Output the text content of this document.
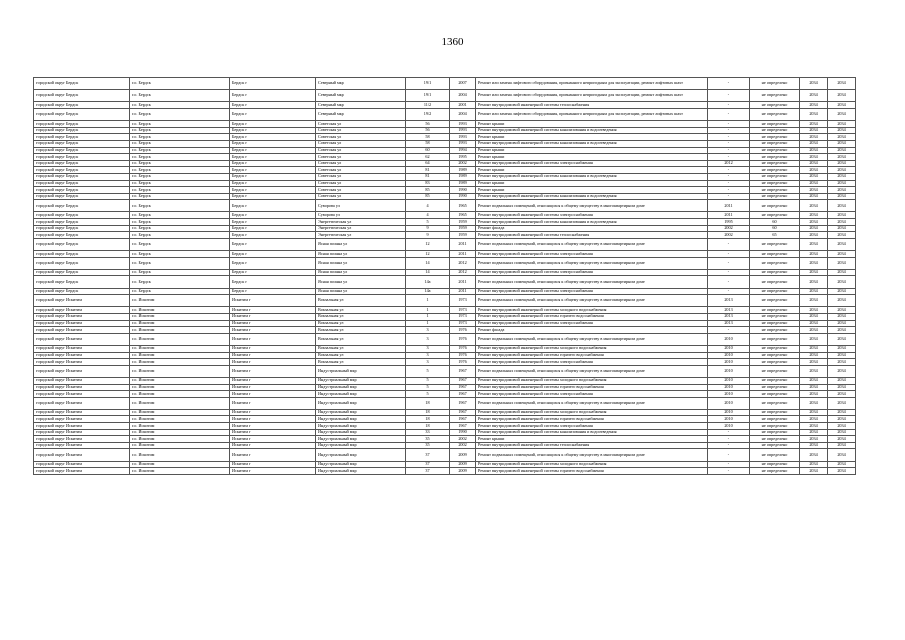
1360
городской округ Бердск	г.о. Бердск	Бердск г	Северный мкр	19/1	2007	Ремонт или замена лифтового оборудования, признанного непригодным для эксплуатации, ремонт лифтовых шахт	-	не определено	2034	2034
городской округ Бердск	г.о. Бердск	Бердск г	Северный мкр	19/1	2004	Ремонт или замена лифтового оборудования, признанного непригодным для эксплуатации, ремонт лифтовых шахт	-	не определено	2034	2034
городской округ Бердск	г.о. Бердск	Бердск г	Северный мкр	11/2	2001	Ремонт внутридомовой инженерной системы теплоснабжения	-	не определено	2034	2034
городской округ Бердск	г.о. Бердск	Бердск г	Северный мкр	19/2	2004	Ремонт или замена лифтового оборудования, признанного непригодным для эксплуатации, ремонт лифтовых шахт	-	не определено	2034	2034
городской округ Бердск	г.о. Бердск	Бердск г	Советская ул	56	1993	Ремонт крыши	-	не определено	2034	2034
городской округ Бердск	г.о. Бердск	Бердск г	Советская ул	56	1993	Ремонт внутридомовой инженерной системы канализования и водоотведения	-	не определено	2034	2034
городской округ Бердск	г.о. Бердск	Бердск г	Советская ул	58	1993	Ремонт крыши	-	не определено	2034	2034
городской округ Бердск	г.о. Бердск	Бердск г	Советская ул	58	1993	Ремонт внутридомовой инженерной системы канализования и водоотведения	-	не определено	2034	2034
городской округ Бердск	г.о. Бердск	Бердск г	Советская ул	60	1994	Ремонт крыши	-	не определено	2034	2034
городской округ Бердск	г.о. Бердск	Бердск г	Советская ул	62	1995	Ремонт крыши	-	не определено	2034	2034
городской округ Бердск	г.о. Бердск	Бердск г	Советская ул	64	2002	Ремонт внутридомовой инженерной системы электроснабжения	2012	не определено	2034	2034
городской округ Бердск	г.о. Бердск	Бердск г	Советская ул	81	1989	Ремонт крыши	-	не определено	2034	2034
городской округ Бердск	г.о. Бердск	Бердск г	Советская ул	81	1989	Ремонт внутридомовой инженерной системы канализования и водоотведения	-	не определено	2034	2034
городской округ Бердск	г.о. Бердск	Бердск г	Советская ул	83	1989	Ремонт крыши	-	не определено	2034	2034
городской округ Бердск	г.о. Бердск	Бердск г	Советская ул	85	1990	Ремонт крыши	-	не определено	2034	2034
городской округ Бердск	г.о. Бердск	Бердск г	Советская ул	85	1990	Ремонт внутридомовой инженерной системы канализования и водоотведения	-	не определено	2034	2034
городской округ Бердск	г.о. Бердск	Бердск г	Суворова ул	4	1965	Ремонт подвальных помещений, относящихся к общему имуществу в многоквартирном доме	2011	не определено	2034	2034
городской округ Бердск	г.о. Бердск	Бердск г	Суворова ул	4	1965	Ремонт внутридомовой инженерной системы электроснабжения	2011	не определено	2034	2034
городской округ Бердск	г.о. Бердск	Бердск г	Энергетическая ул	5	1959	Ремонт внутридомовой инженерной системы канализования и водоотведения	1995	60	2034	2034
городской округ Бердск	г.о. Бердск	Бердск г	Энергетическая ул	9	1959	Ремонт фасада	2002	60	2034	2034
городской округ Бердск	г.о. Бердск	Бердск г	Энергетическая ул	9	1959	Ремонт внутридомовой инженерной системы теплоснабжения	2002	65	2034	2034
городской округ Бердск	г.о. Бердск	Бердск г	Ясная поляна ул	12	2011	Ремонт подвальных помещений, относящихся к общему имуществу в многоквартирном доме	-	не определено	2034	2034
городской округ Бердск	г.о. Бердск	Бердск г	Ясная поляна ул	12	2011	Ремонт внутридомовой инженерной системы электроснабжения	-	не определено	2034	2034
городской округ Бердск	г.о. Бердск	Бердск г	Ясная поляна ул	14	2012	Ремонт подвальных помещений, относящихся к общему имуществу в многоквартирном доме	-	не определено	2034	2034
городской округ Бердск	г.о. Бердск	Бердск г	Ясная поляна ул	14	2012	Ремонт внутридомовой инженерной системы электроснабжения	-	не определено	2034	2034
городской округ Бердск	г.о. Бердск	Бердск г	Ясная поляна ул	14а	2011	Ремонт подвальных помещений, относящихся к общему имуществу в многоквартирном доме	-	не определено	2034	2034
городской округ Бердск	г.о. Бердск	Бердск г	Ясная поляна ул	14а	2011	Ремонт внутридомовой инженерной системы электроснабжения	-	не определено	2034	2034
городской округ Искитим	г.о. Искитим	Искитим г	Вокзальная ул	1	1973	Ремонт подвальных помещений, относящихся к общему имуществу в многоквартирном доме	2013	не определено	2034	2034
городской округ Искитим	г.о. Искитим	Искитим г	Вокзальная ул	1	1973	Ремонт внутридомовой инженерной системы холодного водоснабжения	2013	не определено	2034	2034
городской округ Искитим	г.о. Искитим	Искитим г	Вокзальная ул	1	1973	Ремонт внутридомовой инженерной системы горячего водоснабжения	2013	не определено	2034	2034
городской округ Искитим	г.о. Искитим	Искитим г	Вокзальная ул	1	1973	Ремонт внутридомовой инженерной системы электроснабжения	2013	не определено	2034	2034
городской округ Искитим	г.о. Искитим	Искитим г	Вокзальная ул	3	1976	Ремонт фасада	-	не определено	2034	2034
городской округ Искитим	г.о. Искитим	Искитим г	Вокзальная ул	3	1976	Ремонт подвальных помещений, относящихся к общему имуществу в многоквартирном доме	2010	не определено	2034	2034
городской округ Искитим	г.о. Искитим	Искитим г	Вокзальная ул	3	1976	Ремонт внутридомовой инженерной системы холодного водоснабжения	2010	не определено	2034	2034
городской округ Искитим	г.о. Искитим	Искитим г	Вокзальная ул	3	1976	Ремонт внутридомовой инженерной системы горячего водоснабжения	2010	не определено	2034	2034
городской округ Искитим	г.о. Искитим	Искитим г	Вокзальная ул	3	1976	Ремонт внутридомовой инженерной системы электроснабжения	2010	не определено	2034	2034
городской округ Искитим	г.о. Искитим	Искитим г	Индустриальный мкр	5	1967	Ремонт подвальных помещений, относящихся к общему имуществу в многоквартирном доме	2010	не определено	2034	2034
городской округ Искитим	г.о. Искитим	Искитим г	Индустриальный мкр	5	1967	Ремонт внутридомовой инженерной системы холодного водоснабжения	2010	не определено	2034	2034
городской округ Искитим	г.о. Искитим	Искитим г	Индустриальный мкр	5	1967	Ремонт внутридомовой инженерной системы горячего водоснабжения	2010	не определено	2034	2034
городской округ Искитим	г.о. Искитим	Искитим г	Индустриальный мкр	5	1967	Ремонт внутридомовой инженерной системы электроснабжения	2010	не определено	2034	2034
городской округ Искитим	г.о. Искитим	Искитим г	Индустриальный мкр	18	1967	Ремонт подвальных помещений, относящихся к общему имуществу в многоквартирном доме	2010	не определено	2034	2034
городской округ Искитим	г.о. Искитим	Искитим г	Индустриальный мкр	18	1967	Ремонт внутридомовой инженерной системы холодного водоснабжения	2010	не определено	2034	2034
городской округ Искитим	г.о. Искитим	Искитим г	Индустриальный мкр	18	1967	Ремонт внутридомовой инженерной системы горячего водоснабжения	2010	не определено	2034	2034
городской округ Искитим	г.о. Искитим	Искитим г	Индустриальный мкр	18	1967	Ремонт внутридомовой инженерной системы электроснабжения	2010	не определено	2034	2034
городской округ Искитим	г.о. Искитим	Искитим г	Индустриальный мкр	33	1990	Ремонт внутридомовой инженерной системы канализования и водоотведения	-	не определено	2034	2034
городской округ Искитим	г.о. Искитим	Искитим г	Индустриальный мкр	35	2002	Ремонт крыши	-	не определено	2034	2034
городской округ Искитим	г.о. Искитим	Искитим г	Индустриальный мкр	35	2002	Ремонт внутридомовой инженерной системы теплоснабжения	-	не определено	2034	2034
городской округ Искитим	г.о. Искитим	Искитим г	Индустриальный мкр	37	2009	Ремонт подвальных помещений, относящихся к общему имуществу в многоквартирном доме	-	не определено	2034	2034
городской округ Искитим	г.о. Искитим	Искитим г	Индустриальный мкр	37	2009	Ремонт внутридомовой инженерной системы холодного водоснабжения	-	не определено	2034	2034
городской округ Искитим	г.о. Искитим	Искитим г	Индустриальный мкр	37	2009	Ремонт внутридомовой инженерной системы горячего водоснабжения	-	не определено	2034	2034
